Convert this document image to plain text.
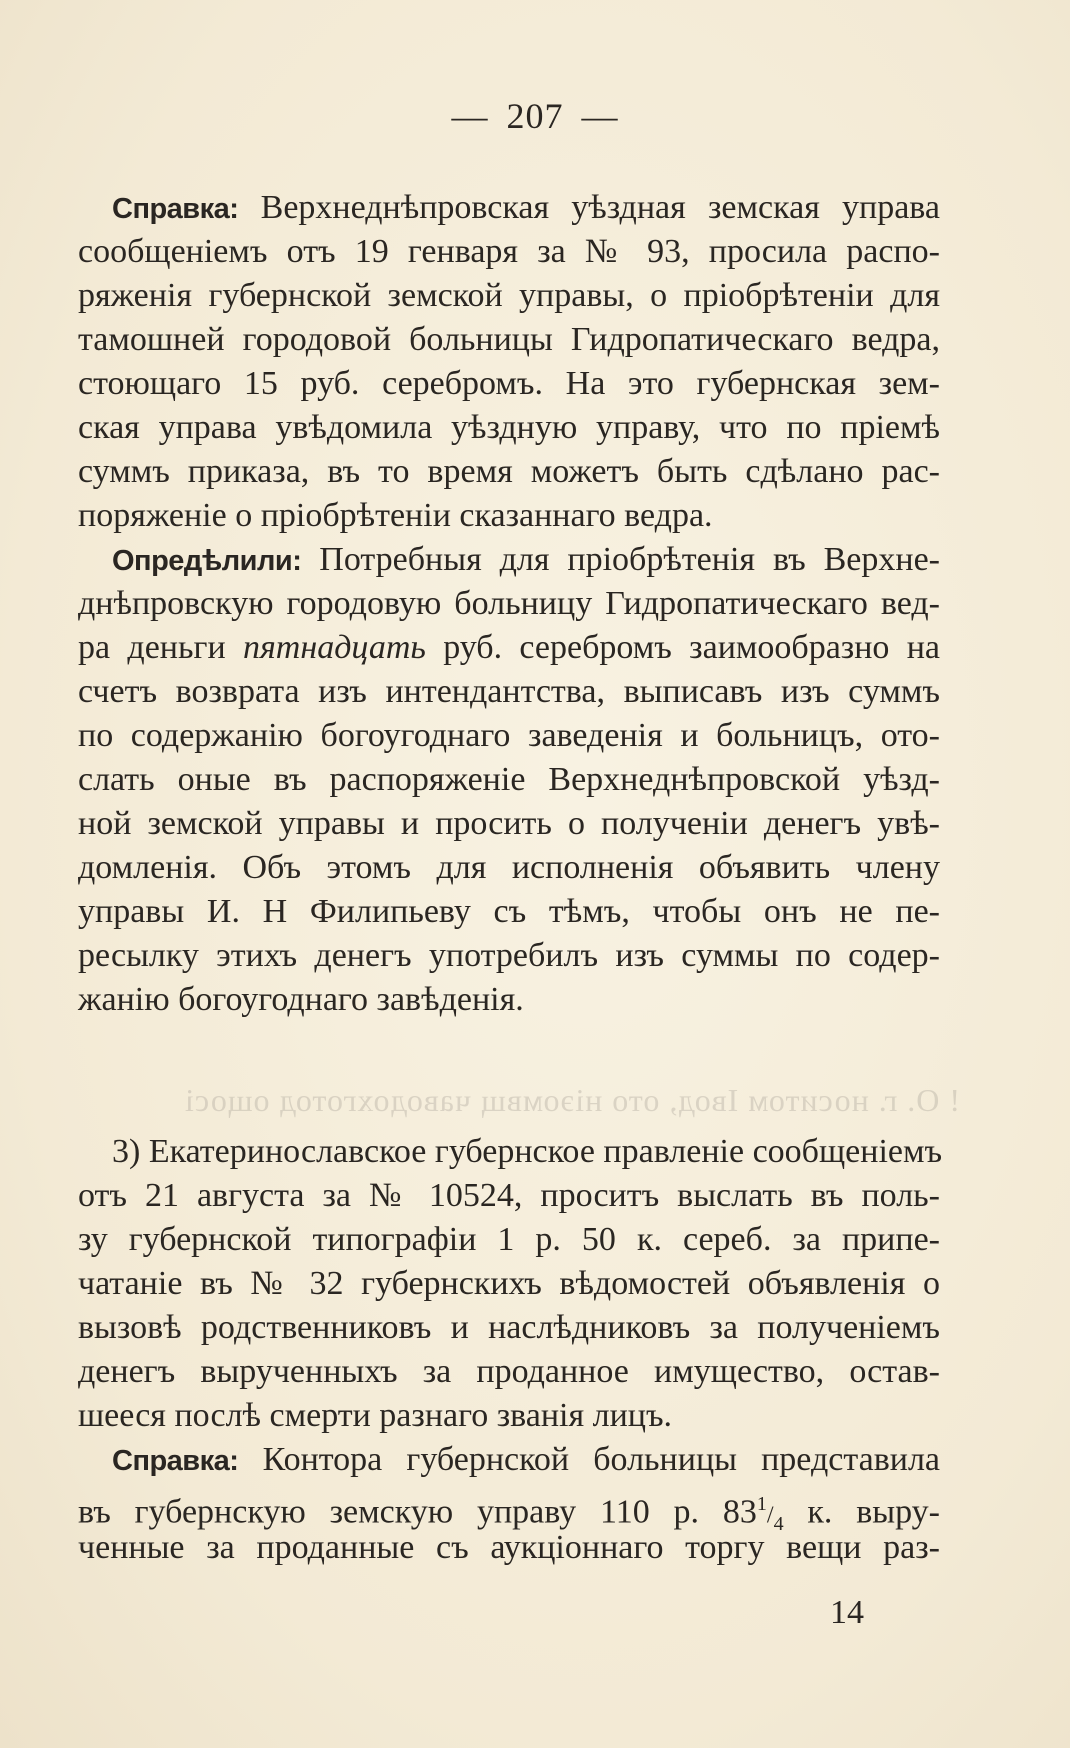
— 207 —
Справка: Верхнеднѣпровская уѣздная земская управа
сообщеніемъ отъ 19 генваря за № 93, просила распо-
ряженія губернской земской управы, о пріобрѣтеніи для
тамошней городовой больницы Гидропатическаго ведра,
стоющаго 15 руб. серебромъ. На это губернская зем-
ская управа увѣдомила уѣздную управу, что по пріемѣ
суммъ приказа, въ то время можетъ быть сдѣлано рас-
поряженіе о пріобрѣтеніи сказаннаго ведра.
Опредѣлили: Потребныя для пріобрѣтенія въ Верхне-
днѣпровскую городовую больницу Гидропатическаго вед-
ра деньги пятнадцать руб. серебромъ заимообразно на
счетъ возврата изъ интендантства, выписавъ изъ суммъ
по содержанію богоугоднаго заведенія и больницъ, ото-
слать оные въ распоряженіе Верхнеднѣпровской уѣзд-
ной земской управы и просить о полученіи денегъ увѣ-
домленія. Объ этомъ для исполненія объявить члену
управы И. Н Филипьеву съ тѣмъ, чтобы онъ не пе-
ресылку этихъ денегъ употребилъ изъ суммы по содер-
жанію богоугоднаго завѣденія.
! О. г. носитом Івод, ото ніэомвщ чаводохготод ощосі
3) Екатеринославское губернское правленіе сообщеніемъ
отъ 21 августа за № 10524, проситъ выслать въ поль-
зу губернской типографіи 1 р. 50 к. сереб. за припе-
чатаніе въ № 32 губернскихъ вѣдомостей объявленія о
вызовѣ родственниковъ и наслѣдниковъ за полученіемъ
денегъ вырученныхъ за проданное имущество, остав-
шееся послѣ смерти разнаго званія лицъ.
Справка: Контора губернской больницы представила
въ губернскую земскую управу 110 р. $83^1/_4$ к. выру-
ченные за проданные съ аукціоннаго торгу вещи раз-
14
